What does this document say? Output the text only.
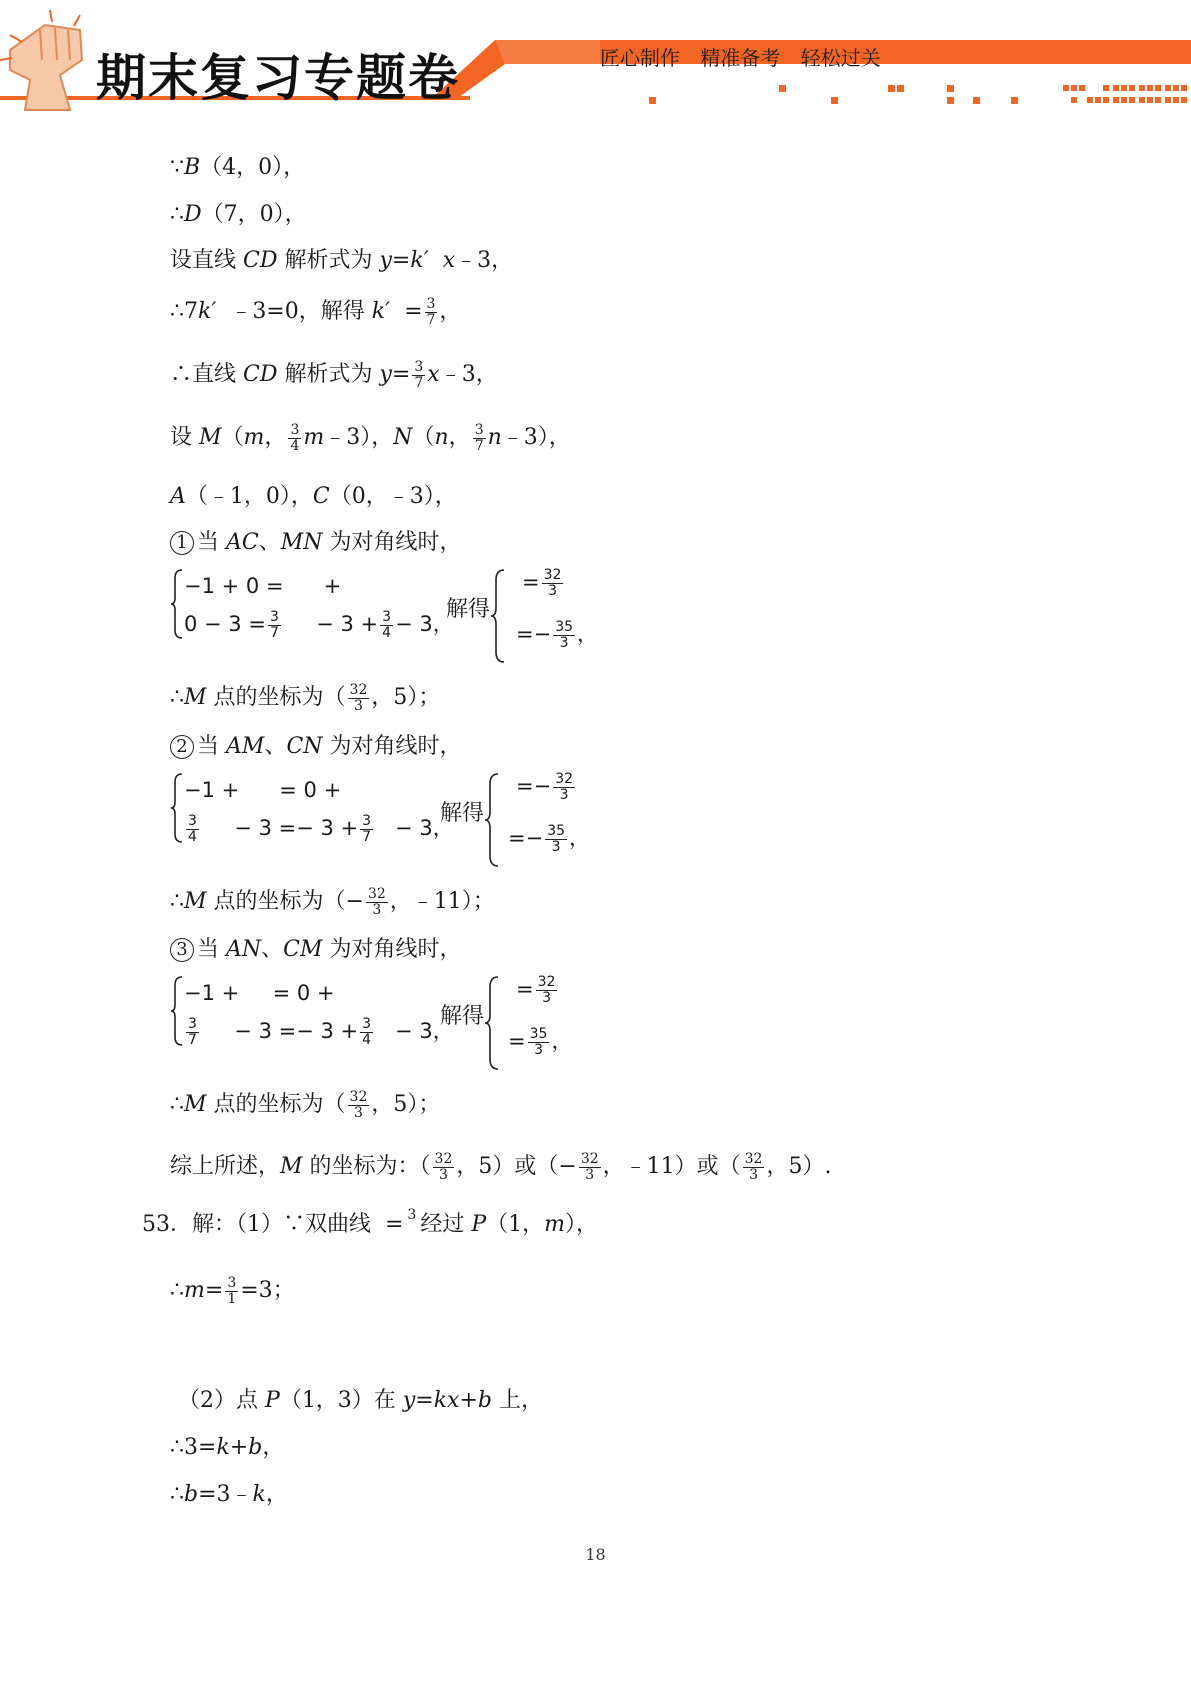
期末复习专题卷	匠心制作 精准备考 轻松过关
∵B（4，0），
∴D（7，0），
设直线 CD 解析式为 y=k′ x﹣3，
∴7k′  ﹣3=0，解得 $k' = \frac{3}{7}$ ，
∴直线 CD 解析式为 $y= \frac{3}{7}$ x﹣3，
设 M（m， $\frac{3}{4}$ m﹣3），N（n， $\frac{3}{7}$ n﹣3），
A（﹣1，0），C（0，﹣3），
1 当 AC、MN 为对角线时，
−1 + 0 =      +
$0 - 3 = \frac{3}{7} - 3 + \frac{3}{4} - 3$，
解得
= $\frac{32}{3}$
=− $\frac{35}{3}$ ，
∴M 点的坐标为（ $\frac{32}{3}$ ，5）；
2 当 AM、CN 为对角线时，
−1 +      = 0 +
$\frac{3}{4} - 3 =- 3 + \frac{3}{7} - 3$，
解得
=− $\frac{32}{3}$
=− $\frac{35}{3}$ ，
∴M 点的坐标为（− $\frac{32}{3}$ ，﹣11）；
3 当 AN、CM 为对角线时，
−1 +     = 0 +
$\frac{3}{7} - 3 =- 3 + \frac{3}{4} - 3$，
解得
= $\frac{32}{3}$
= $\frac{35}{3}$ ，
∴M 点的坐标为（ $\frac{32}{3}$ ，5）；
综上所述，M 的坐标为：（ $\frac{32}{3}$ ，5）或（− $\frac{32}{3}$ ，﹣11）或（ $\frac{32}{3}$ ，5）.
53．解：（1）∵双曲线  = 3 经过 P（1，m），
∴m= $\frac{3}{1} =3$；
（2）点 P（1，3）在 y=kx+b 上，
∴3=k+b，
∴b=3﹣k，
18
